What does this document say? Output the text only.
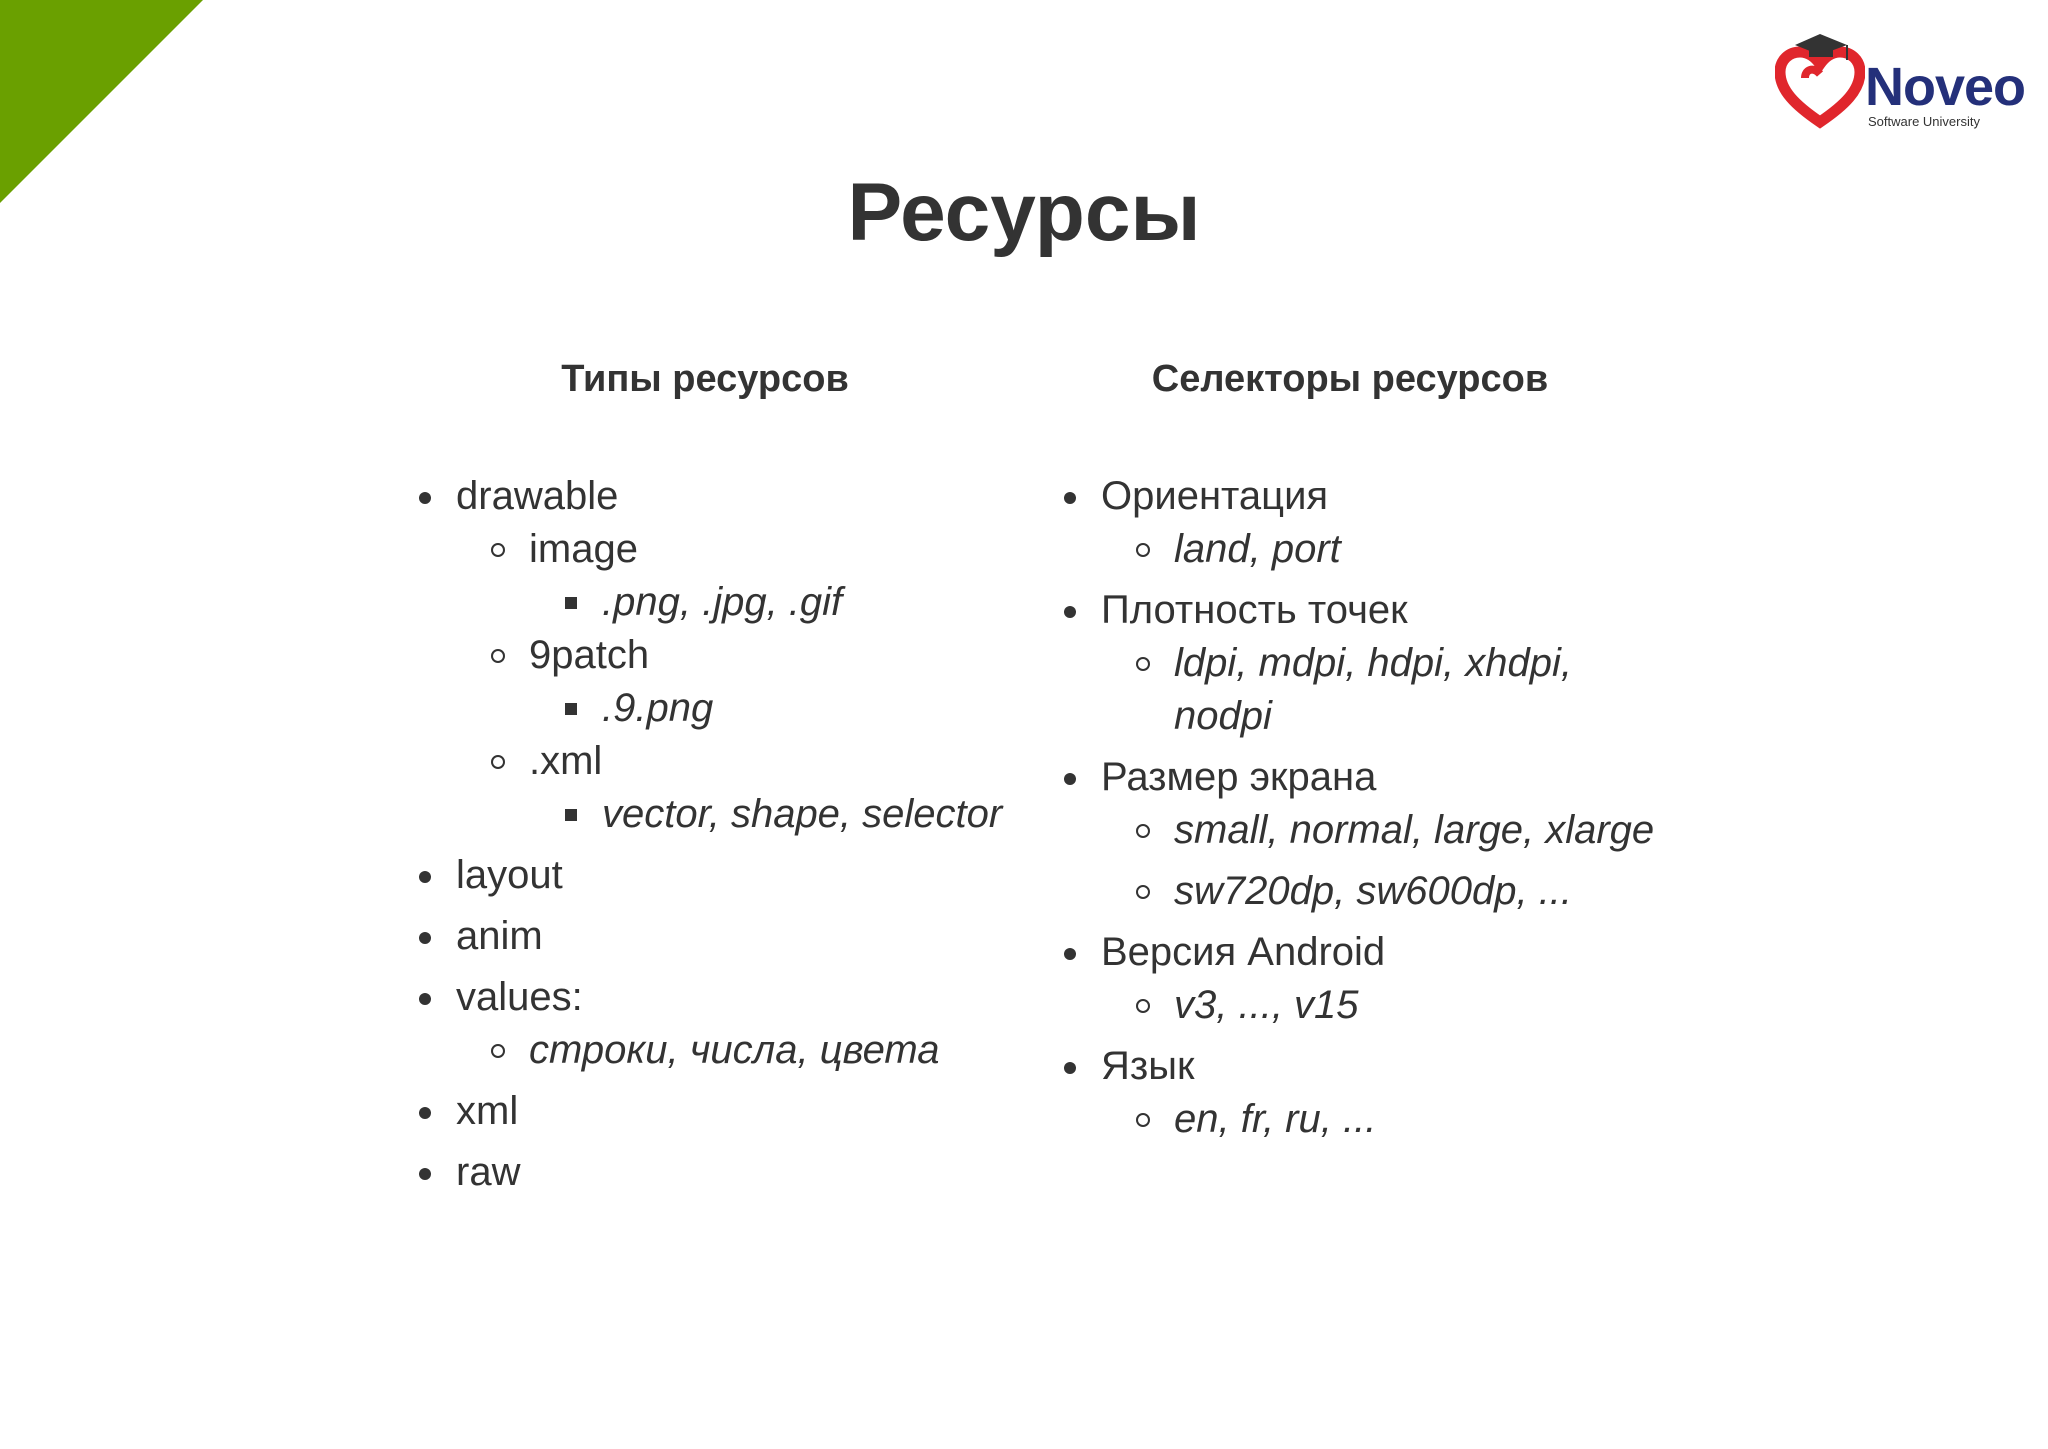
Noveo
Software University
Ресурсы
Типы ресурсов
drawable
image
.png, .jpg, .gif
9patch
.9.png
.xml
vector, shape, selector
layout
anim
values:
строки, числа, цвета
xml
raw
Селекторы ресурсов
Ориентация
land, port
Плотность точек
ldpi, mdpi, hdpi, xhdpi, nodpi
Размер экрана
small, normal, large, xlarge
sw720dp, sw600dp, ...
Версия Android
v3, ..., v15
Язык
en, fr, ru, ...
